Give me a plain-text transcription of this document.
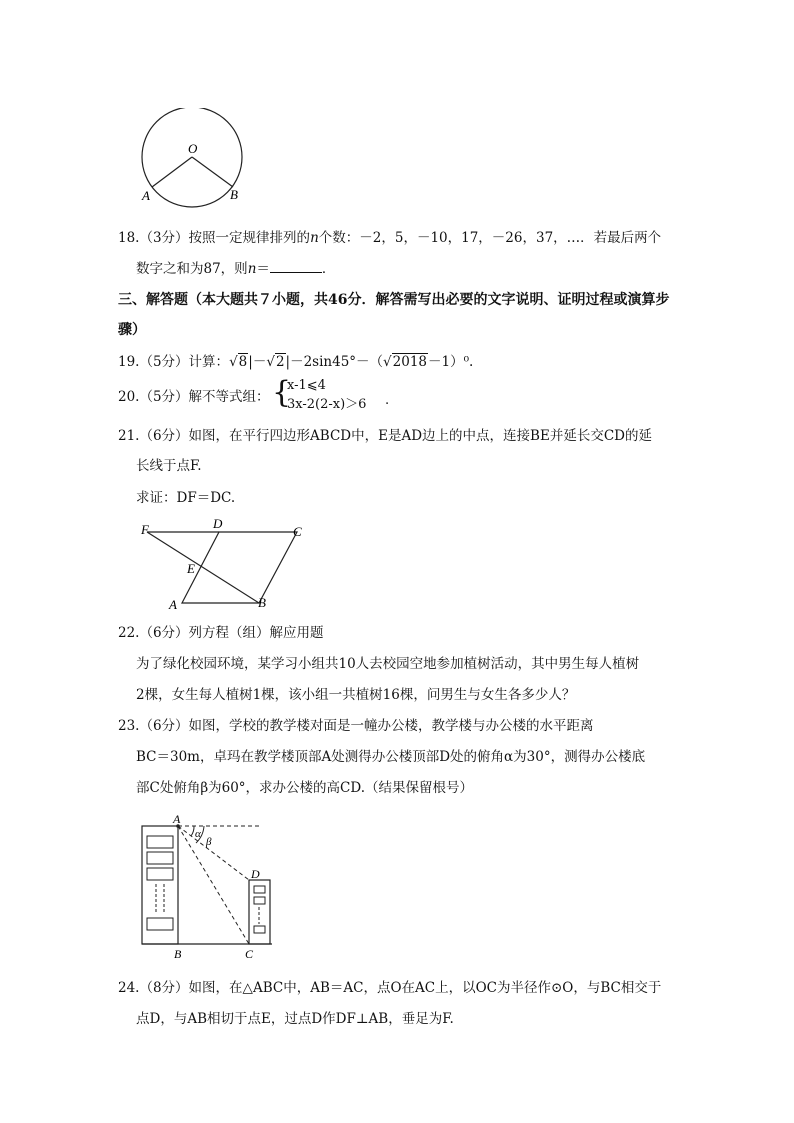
O
A	B
18.（3分）按照一定规律排列的n个数：－2，5，－10，17，－26，37，…．若最后两个
数字之和为87，则n＝	．
三、解答题（本大题共７小题，共46分．解答需写出必要的文字说明、证明过程或演算步
骤）
19.（5分）计算：√8|－√2|－2sin45°－（√2018－1）⁰.
20.（5分）解不等式组： {
x-1⩽4
3x-2(2-x)＞6 .
21.（6分）如图，在平行四边形ABCD中，E是AD边上的中点，连接BE并延长交CD的延
长线于点F.
求证：DF＝DC.
F	D
C
E
A	B
22.（6分）列方程（组）解应用题
为了绿化校园环境，某学习小组共10人去校园空地参加植树活动，其中男生每人植树
2棵，女生每人植树1棵，该小组一共植树16棵，问男生与女生各多少人？
23.（6分）如图，学校的教学楼对面是一幢办公楼，教学楼与办公楼的水平距离
BC＝30m，卓玛在教学楼顶部A处测得办公楼顶部D处的俯角α为30°，测得办公楼底
部C处俯角β为60°，求办公楼的高CD.（结果保留根号）
A
α
β
D
B	C
24.（8分）如图，在△ABC中，AB＝AC，点O在AC上，以OC为半径作⊙O，与BC相交于
点D，与AB相切于点E，过点D作DF⊥AB，垂足为F.
